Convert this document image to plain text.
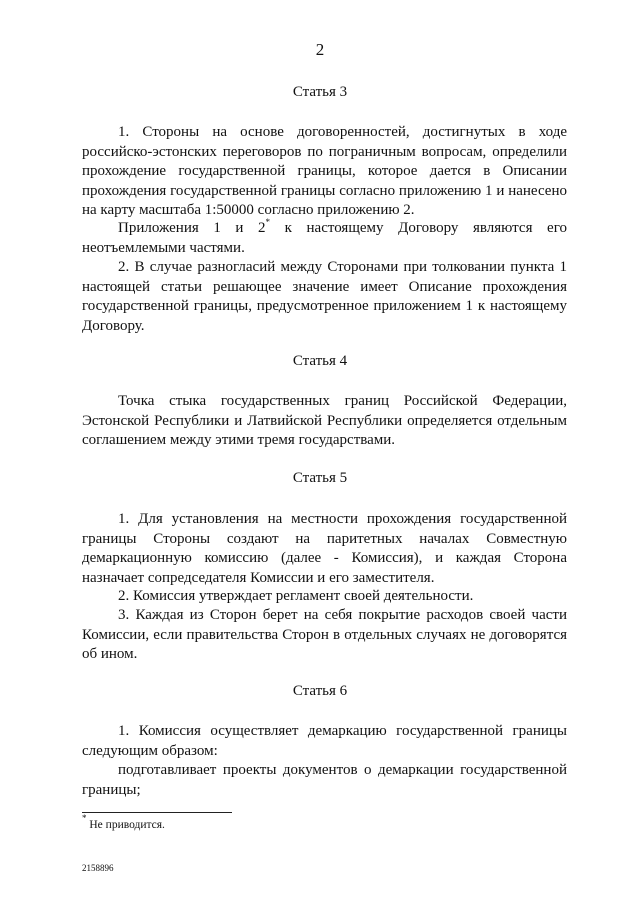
2
Статья 3

1. Стороны на основе договоренностей, достигнутых в ходе российско-эстонских переговоров по пограничным вопросам, определили прохождение государственной границы, которое дается в Описании прохождения государственной границы согласно приложению 1 и нанесено на карту масштаба 1:50000 согласно приложению 2.

Приложения 1 и 2* к настоящему Договору являются его неотъемлемыми частями.

2. В случае разногласий между Сторонами при толковании пункта 1 настоящей статьи решающее значение имеет Описание прохождения государственной границы, предусмотренное приложением 1 к настоящему Договору.

Статья 4

Точка стыка государственных границ Российской Федерации, Эстонской Республики и Латвийской Республики определяется отдельным соглашением между этими тремя государствами.

Статья 5

1. Для установления на местности прохождения государственной границы Стороны создают на паритетных началах Совместную демаркационную комиссию (далее - Комиссия), и каждая Сторона назначает сопредседателя Комиссии и его заместителя.

2. Комиссия утверждает регламент своей деятельности.

3. Каждая из Сторон берет на себя покрытие расходов своей части Комиссии, если правительства Сторон в отдельных случаях не договорятся об ином.

Статья 6

1. Комиссия осуществляет демаркацию государственной границы следующим образом:

подготавливает проекты документов о демаркации государственной границы;

* Не приводится.
2158896
